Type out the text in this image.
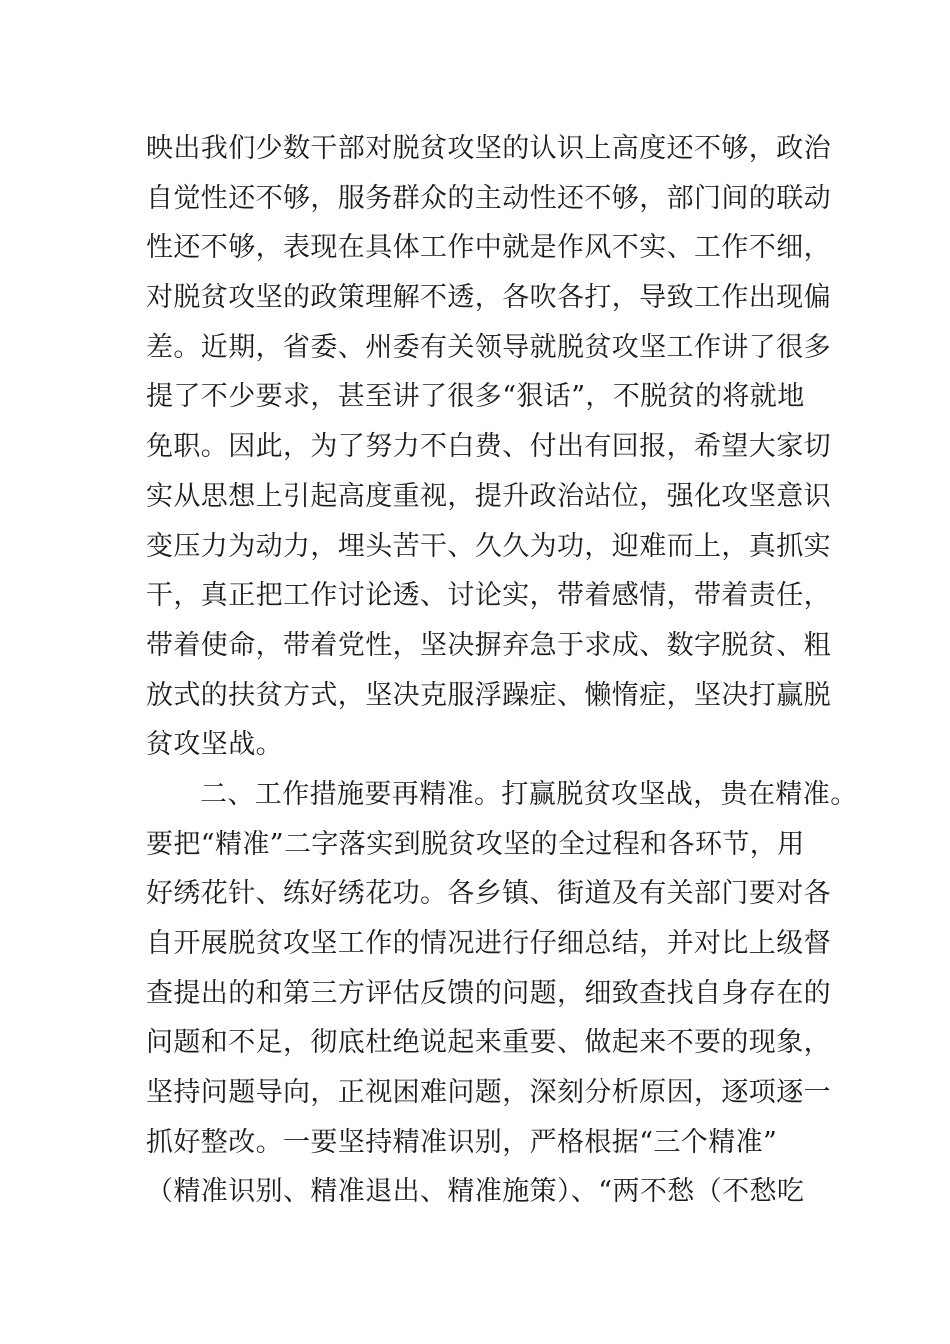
映出我们少数干部对脱贫攻坚的认识上高度还不够，政治
自觉性还不够，服务群众的主动性还不够，部门间的联动
性还不够，表现在具体工作中就是作风不实、工作不细，
对脱贫攻坚的政策理解不透，各吹各打，导致工作出现偏
差。近期，省委、州委有关领导就脱贫攻坚工作讲了很多
提了不少要求，甚至讲了很多“狠话”，不脱贫的将就地
免职。因此，为了努力不白费、付出有回报，希望大家切
实从思想上引起高度重视，提升政治站位，强化攻坚意识
变压力为动力，埋头苦干、久久为功，迎难而上，真抓实
干，真正把工作讨论透、讨论实，带着感情，带着责任，
带着使命，带着党性，坚决摒弃急于求成、数字脱贫、粗
放式的扶贫方式，坚决克服浮躁症、懒惰症，坚决打赢脱
贫攻坚战。
二、工作措施要再精准。打赢脱贫攻坚战，贵在精准。
要把“精准”二字落实到脱贫攻坚的全过程和各环节，用
好绣花针、练好绣花功。各乡镇、街道及有关部门要对各
自开展脱贫攻坚工作的情况进行仔细总结，并对比上级督
查提出的和第三方评估反馈的问题，细致查找自身存在的
问题和不足，彻底杜绝说起来重要、做起来不要的现象，
坚持问题导向，正视困难问题，深刻分析原因，逐项逐一
抓好整改。一要坚持精准识别，严格根据“三个精准”
（精准识别、精准退出、精准施策）、“两不愁（不愁吃
